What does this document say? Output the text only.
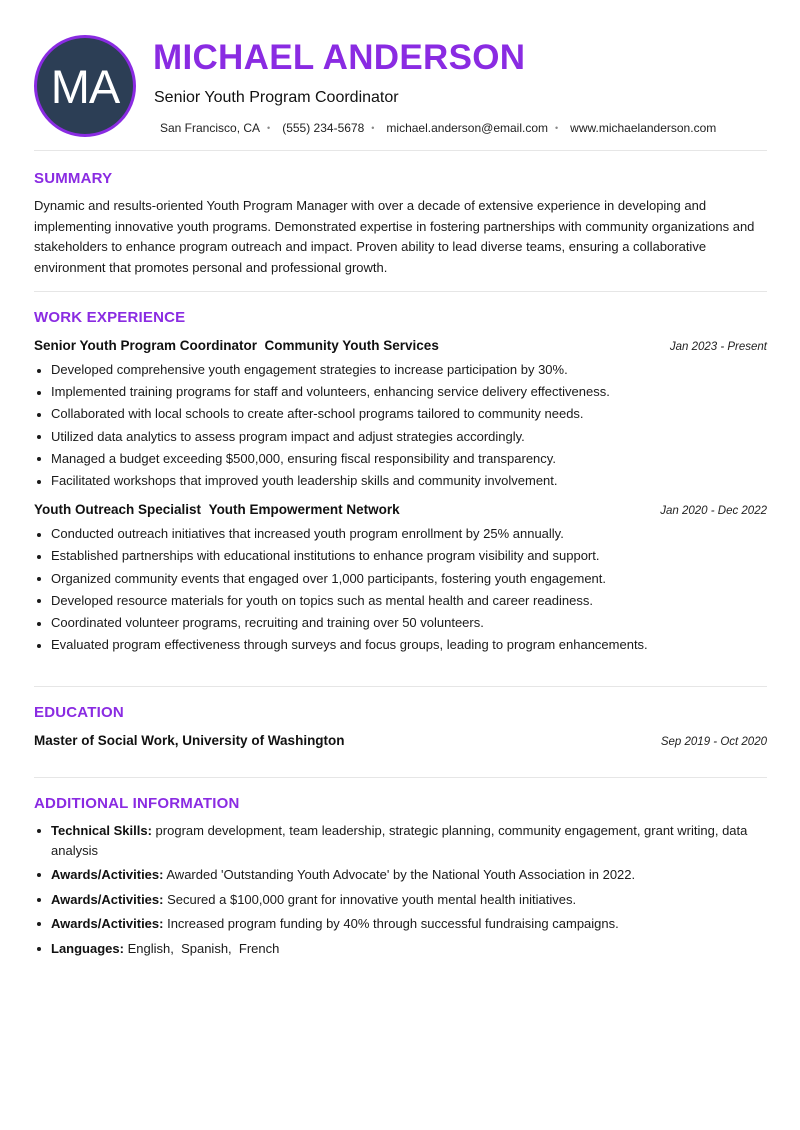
MA
MICHAEL ANDERSON
Senior Youth Program Coordinator
San Francisco, CA • (555) 234-5678 • michael.anderson@email.com • www.michaelanderson.com
SUMMARY

Dynamic and results-oriented Youth Program Manager with over a decade of extensive experience in developing and implementing innovative youth programs. Demonstrated expertise in fostering partnerships with community organizations and stakeholders to enhance program outreach and impact. Proven ability to lead diverse teams, ensuring a collaborative environment that promotes personal and professional growth.

WORK EXPERIENCE
Senior Youth Program Coordinator Community Youth Services	Jan 2023 - Present
Developed comprehensive youth engagement strategies to increase participation by 30%.
Implemented training programs for staff and volunteers, enhancing service delivery effectiveness.
Collaborated with local schools to create after-school programs tailored to community needs.
Utilized data analytics to assess program impact and adjust strategies accordingly.
Managed a budget exceeding $500,000, ensuring fiscal responsibility and transparency.
Facilitated workshops that improved youth leadership skills and community involvement.
Youth Outreach Specialist Youth Empowerment Network	Jan 2020 - Dec 2022
Conducted outreach initiatives that increased youth program enrollment by 25% annually.
Established partnerships with educational institutions to enhance program visibility and support.
Organized community events that engaged over 1,000 participants, fostering youth engagement.
Developed resource materials for youth on topics such as mental health and career readiness.
Coordinated volunteer programs, recruiting and training over 50 volunteers.
Evaluated program effectiveness through surveys and focus groups, leading to program enhancements.
EDUCATION
Master of Social Work, University of Washington	Sep 2019 - Oct 2020
ADDITIONAL INFORMATION
Technical Skills: program development, team leadership, strategic planning, community engagement, grant writing, data analysis
Awards/Activities: Awarded 'Outstanding Youth Advocate' by the National Youth Association in 2022.
Awards/Activities: Secured a $100,000 grant for innovative youth mental health initiatives.
Awards/Activities: Increased program funding by 40% through successful fundraising campaigns.
Languages: English,  Spanish,  French
